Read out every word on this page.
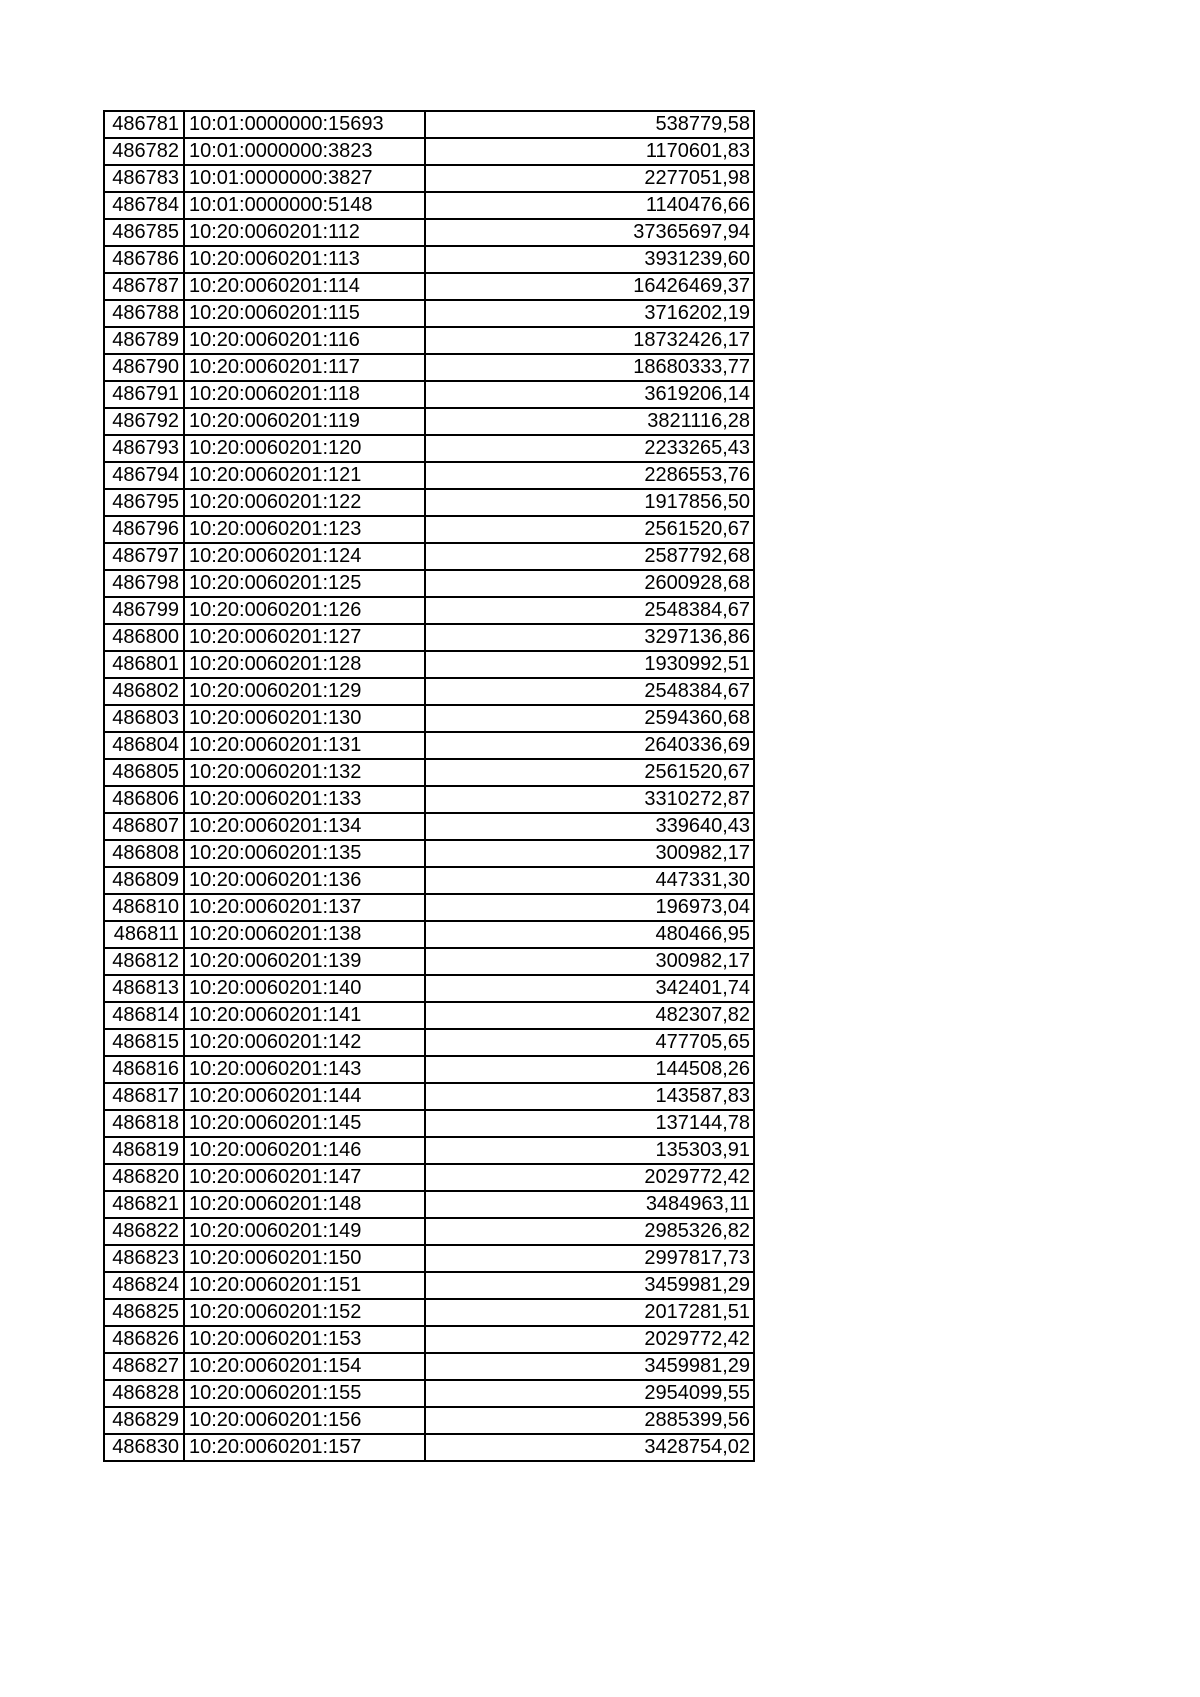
486781	10:01:0000000:15693	538779,58
486782	10:01:0000000:3823	1170601,83
486783	10:01:0000000:3827	2277051,98
486784	10:01:0000000:5148	1140476,66
486785	10:20:0060201:112	37365697,94
486786	10:20:0060201:113	3931239,60
486787	10:20:0060201:114	16426469,37
486788	10:20:0060201:115	3716202,19
486789	10:20:0060201:116	18732426,17
486790	10:20:0060201:117	18680333,77
486791	10:20:0060201:118	3619206,14
486792	10:20:0060201:119	3821116,28
486793	10:20:0060201:120	2233265,43
486794	10:20:0060201:121	2286553,76
486795	10:20:0060201:122	1917856,50
486796	10:20:0060201:123	2561520,67
486797	10:20:0060201:124	2587792,68
486798	10:20:0060201:125	2600928,68
486799	10:20:0060201:126	2548384,67
486800	10:20:0060201:127	3297136,86
486801	10:20:0060201:128	1930992,51
486802	10:20:0060201:129	2548384,67
486803	10:20:0060201:130	2594360,68
486804	10:20:0060201:131	2640336,69
486805	10:20:0060201:132	2561520,67
486806	10:20:0060201:133	3310272,87
486807	10:20:0060201:134	339640,43
486808	10:20:0060201:135	300982,17
486809	10:20:0060201:136	447331,30
486810	10:20:0060201:137	196973,04
486811	10:20:0060201:138	480466,95
486812	10:20:0060201:139	300982,17
486813	10:20:0060201:140	342401,74
486814	10:20:0060201:141	482307,82
486815	10:20:0060201:142	477705,65
486816	10:20:0060201:143	144508,26
486817	10:20:0060201:144	143587,83
486818	10:20:0060201:145	137144,78
486819	10:20:0060201:146	135303,91
486820	10:20:0060201:147	2029772,42
486821	10:20:0060201:148	3484963,11
486822	10:20:0060201:149	2985326,82
486823	10:20:0060201:150	2997817,73
486824	10:20:0060201:151	3459981,29
486825	10:20:0060201:152	2017281,51
486826	10:20:0060201:153	2029772,42
486827	10:20:0060201:154	3459981,29
486828	10:20:0060201:155	2954099,55
486829	10:20:0060201:156	2885399,56
486830	10:20:0060201:157	3428754,02
